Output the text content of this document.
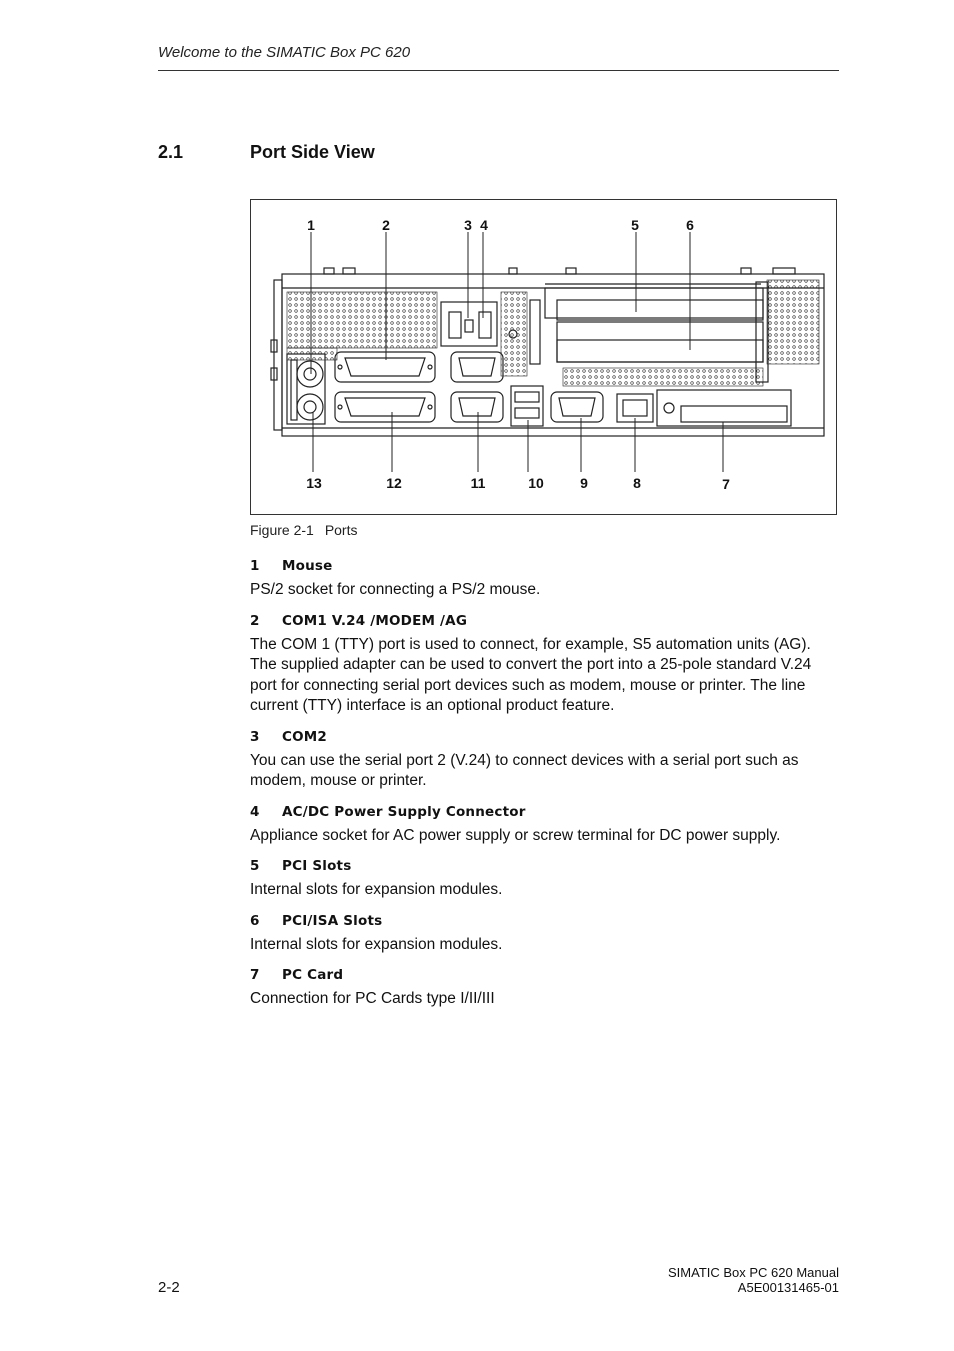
Welcome to the SIMATIC Box PC 620
2.1	Port Side View
1	2	3 4	5	6
13	12	11	10	9	8	7
Figure 2-1 Ports

1 Mouse

PS/2 socket for connecting a PS/2 mouse.

2 COM1 V.24 /MODEM /AG

The COM 1 (TTY) port is used to connect, for example, S5 automation units (AG). The supplied adapter can be used to convert the port into a 25-pole standard V.24 port for connecting serial port devices such as modem, mouse or printer. The line current (TTY) interface is an optional product feature.

3 COM2

You can use the serial port 2 (V.24) to connect devices with a serial port such as modem, mouse or printer.

4 AC/DC Power Supply Connector

Appliance socket for AC power supply or screw terminal for DC power supply.

5 PCI Slots

Internal slots for expansion modules.

6 PCI/ISA Slots

Internal slots for expansion modules.

7 PC Card

Connection for PC Cards type I/II/III

2-2
SIMATIC Box PC 620 Manual
A5E00131465-01
